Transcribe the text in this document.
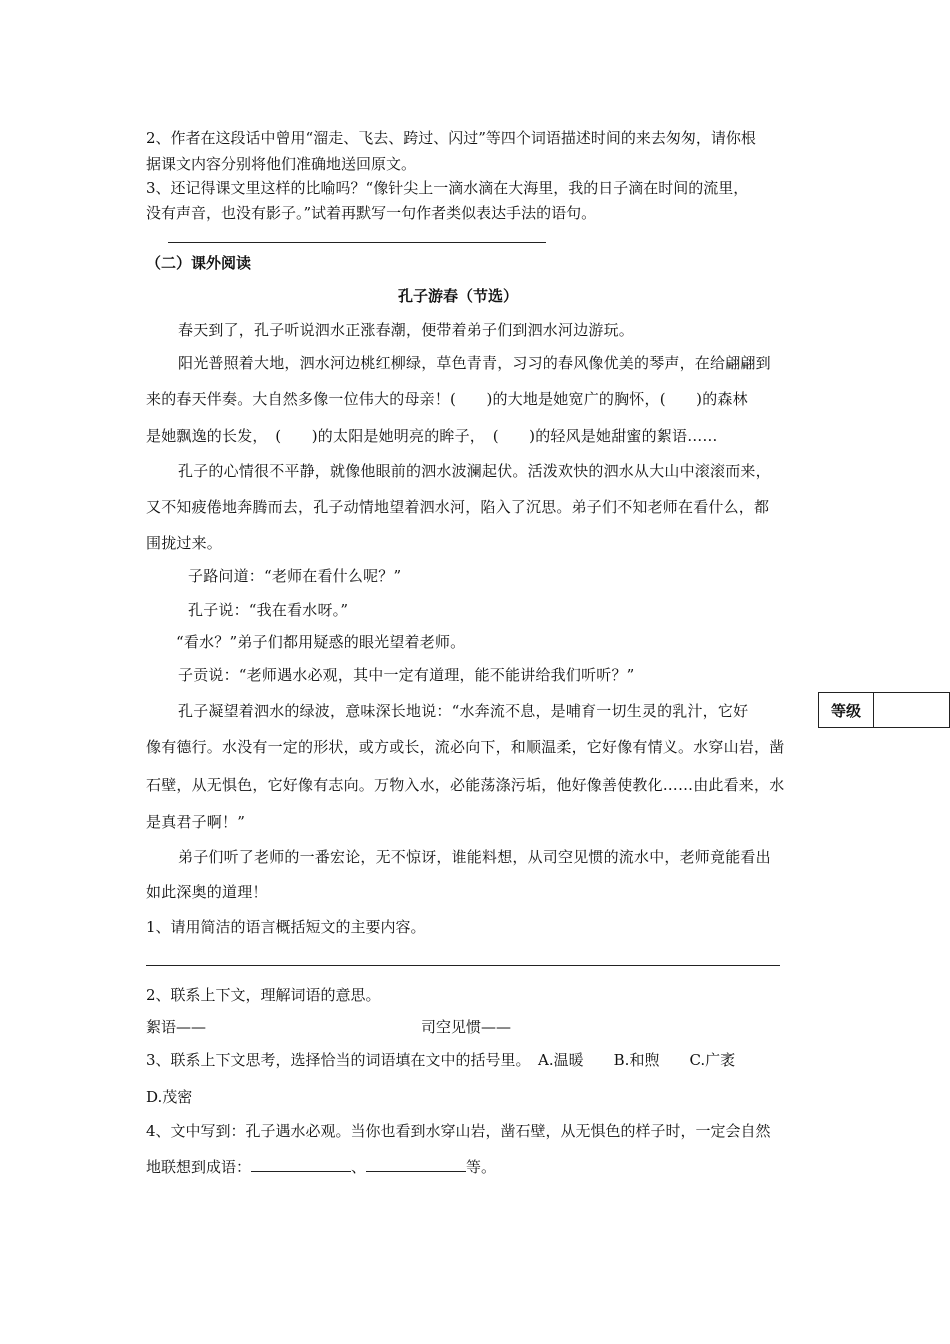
2、作者在这段话中曾用“溜走、飞去、跨过、闪过”等四个词语描述时间的来去匆匆，请你根
据课文内容分别将他们准确地送回原文。
3、还记得课文里这样的比喻吗？“像针尖上一滴水滴在大海里，我的日子滴在时间的流里，
没有声音，也没有影子。”试着再默写一句作者类似表达手法的语句。
（二）课外阅读
孔子游春（节选）
春天到了，孔子听说泗水正涨春潮，便带着弟子们到泗水河边游玩。
阳光普照着大地，泗水河边桃红柳绿，草色青青，习习的春风像优美的琴声，在给翩翩到
来的春天伴奏。大自然多像一位伟大的母亲！(　　)的大地是她宽广的胸怀，(　　)的森林
是她飘逸的长发，　(　　)的太阳是她明亮的眸子，　(　　)的轻风是她甜蜜的絮语……
孔子的心情很不平静，就像他眼前的泗水波澜起伏。活泼欢快的泗水从大山中滚滚而来，
又不知疲倦地奔腾而去，孔子动情地望着泗水河，陷入了沉思。弟子们不知老师在看什么，都
围拢过来。
子路问道：“老师在看什么呢？”
孔子说：“我在看水呀。”
“看水？”弟子们都用疑惑的眼光望着老师。
子贡说：“老师遇水必观，其中一定有道理，能不能讲给我们听听？”
孔子凝望着泗水的绿波，意味深长地说：“水奔流不息，是哺育一切生灵的乳汁，它好
像有德行。水没有一定的形状，或方或长，流必向下，和顺温柔，它好像有情义。水穿山岩，凿
石壁，从无惧色，它好像有志向。万物入水，必能荡涤污垢，他好像善使教化……由此看来，水
是真君子啊！”
弟子们听了老师的一番宏论，无不惊讶，谁能料想，从司空见惯的流水中，老师竟能看出
如此深奥的道理！
等级
1、请用简洁的语言概括短文的主要内容。
2、联系上下文，理解词语的意思。
絮语——	司空见惯——
3、联系上下文思考，选择恰当的词语填在文中的括号里。　A.温暖　　B.和煦　　C.广袤
D.茂密
4、文中写到：孔子遇水必观。当你也看到水穿山岩，凿石壁，从无惧色的样子时，一定会自然
地联想到成语：	、	等。
